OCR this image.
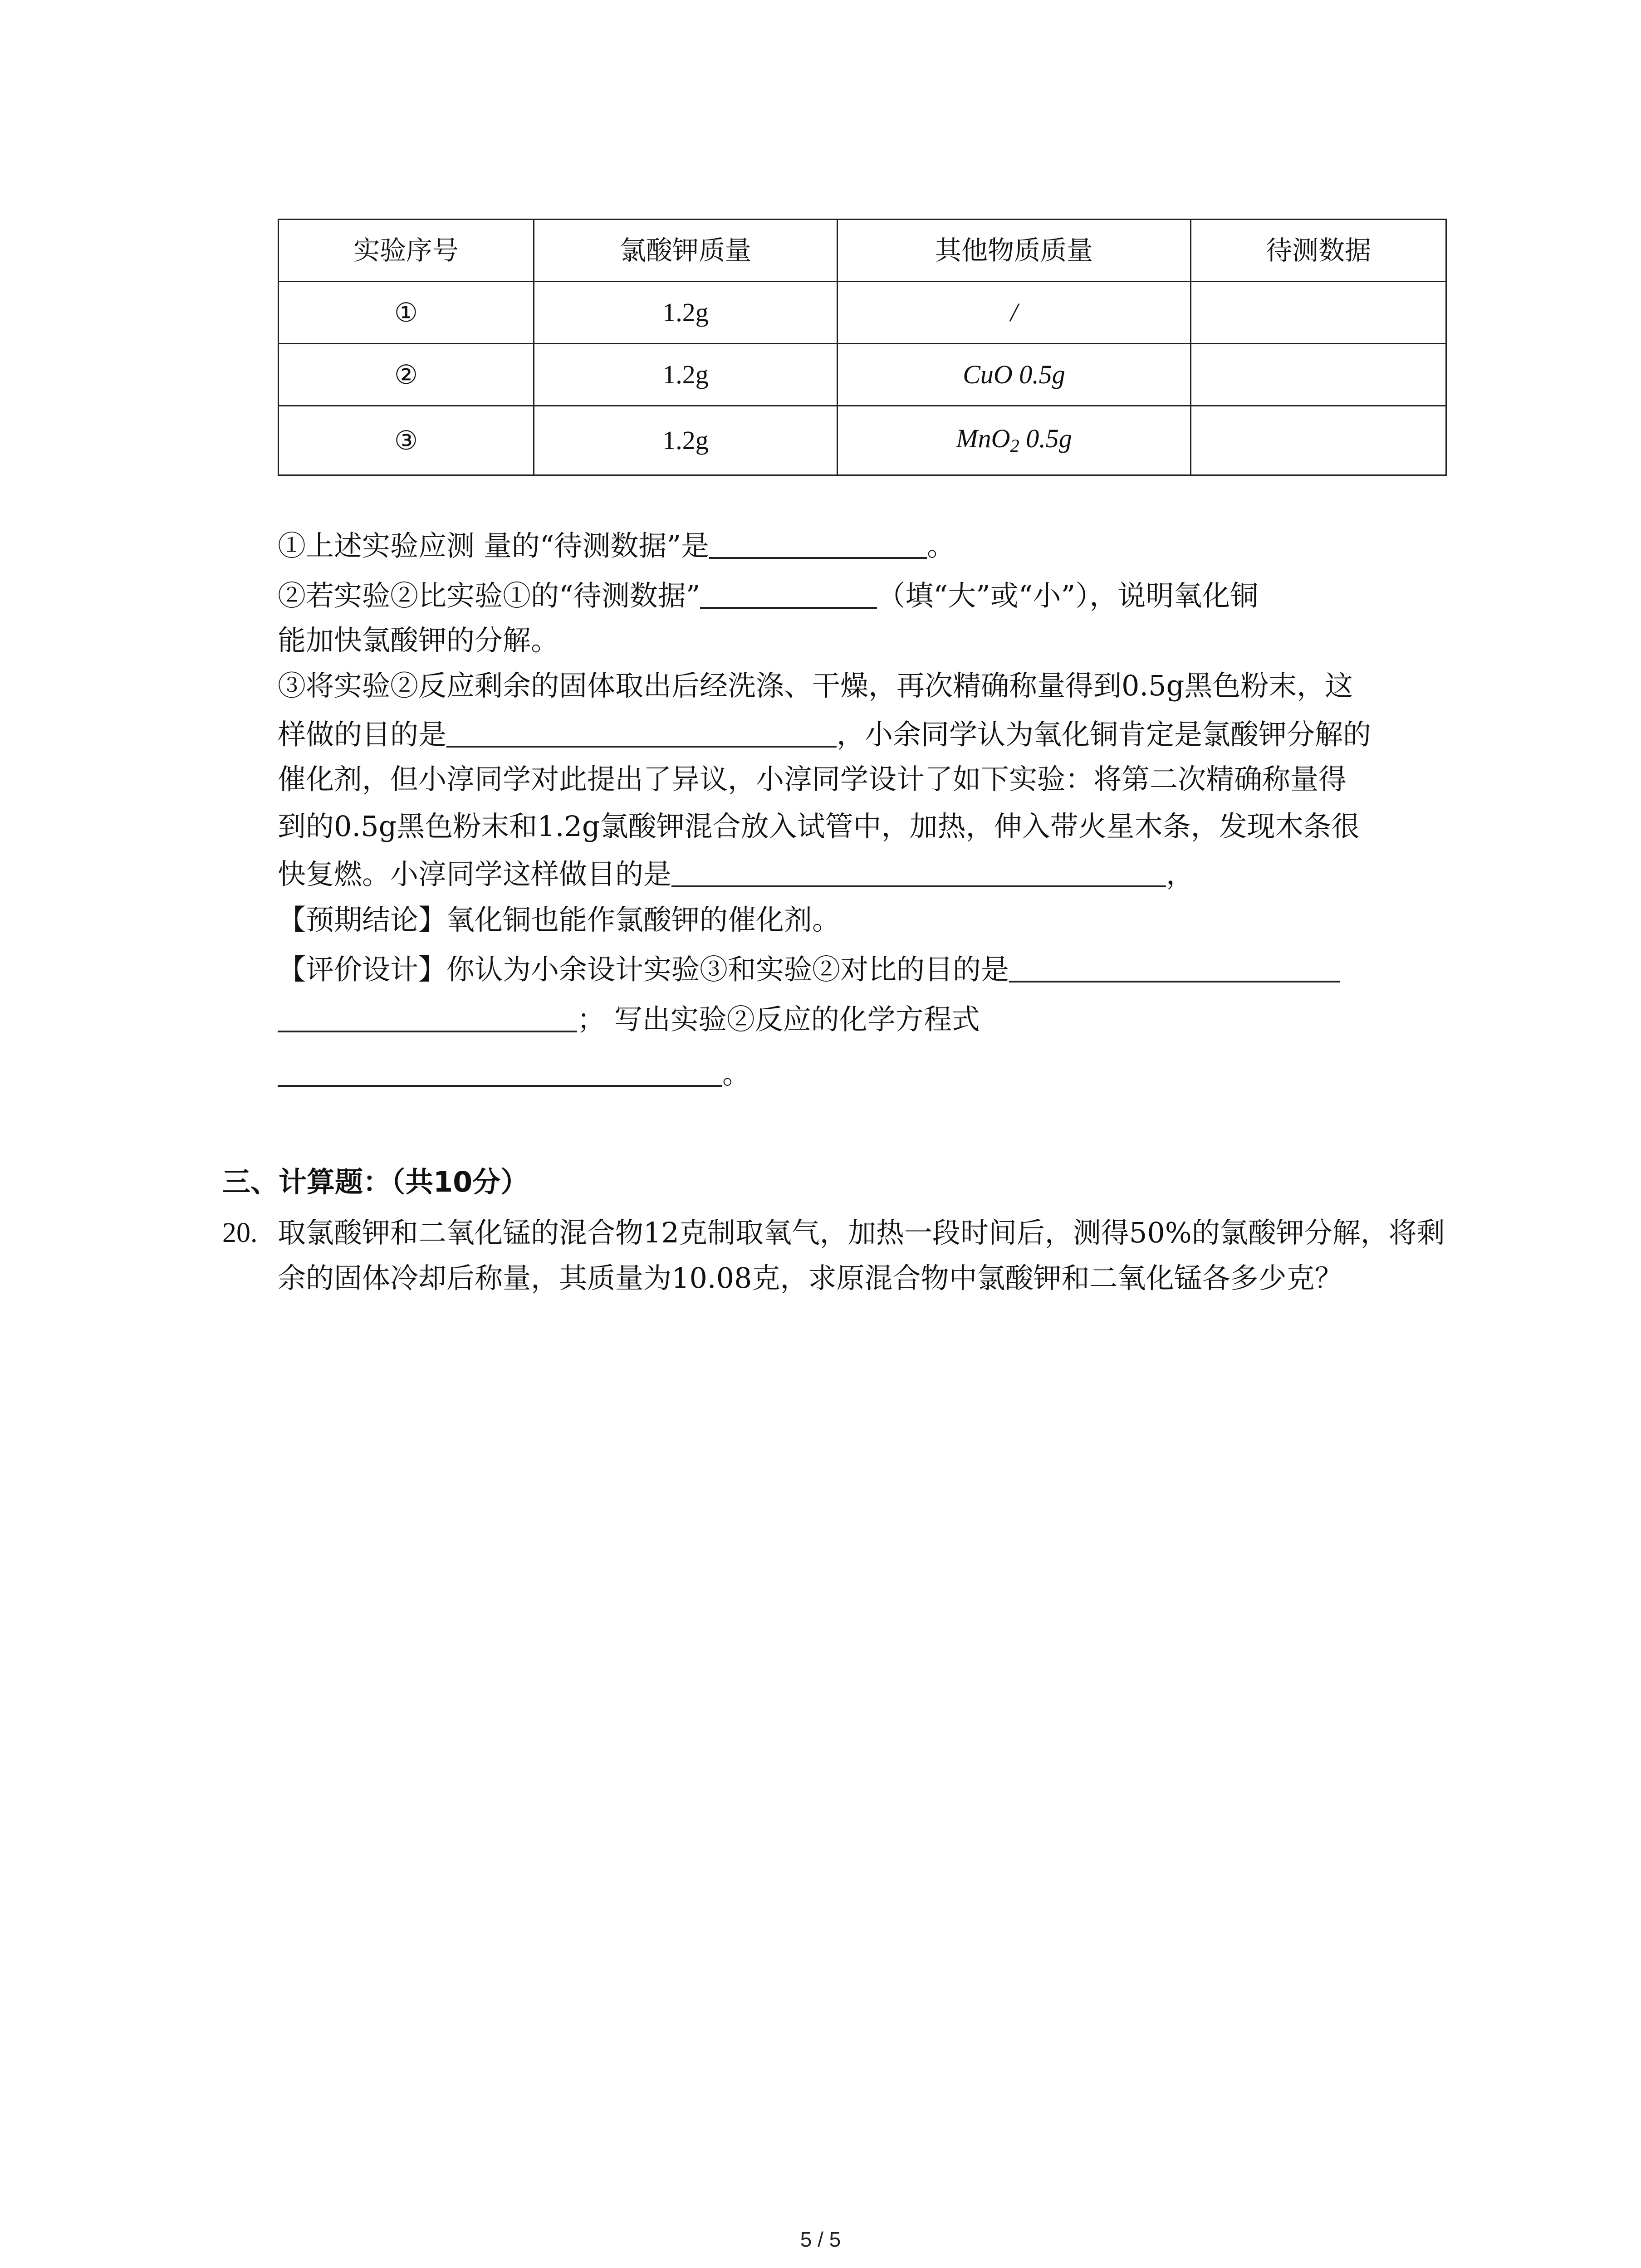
实验序号	氯酸钾质量	其他物质质量	待测数据
①	1.2g	/	
②	1.2g	CuO 0.5g	
③	1.2g	MnO$_2$ 0.5g	
①上述实验应测 量的“待测数据”是	。
②若实验②比实验①的“待测数据”	（填“大”或“小”），说明氧化铜
能加快氯酸钾的分解。
③将实验②反应剩余的固体取出后经洗涤、干燥，再次精确称量得到0.5g黑色粉末，这
样做的目的是	，小余同学认为氧化铜肯定是氯酸钾分解的
催化剂，但小淳同学对此提出了异议，小淳同学设计了如下实验：将第二次精确称量得
到的0.5g黑色粉末和1.2g氯酸钾混合放入试管中，加热，伸入带火星木条，发现木条很
快复燃。小淳同学这样做目的是	，
【预期结论】氧化铜也能作氯酸钾的催化剂。
【评价设计】你认为小余设计实验③和实验②对比的目的是
； 写出实验②反应的化学方程式
。
三、计算题：（共10分）
20. 取氯酸钾和二氧化锰的混合物12克制取氧气，加热一段时间后，测得50%的氯酸钾分解，将剩余的固体冷却后称量，其质量为10.08克，求原混合物中氯酸钾和二氧化锰各多少克？
5 / 5
